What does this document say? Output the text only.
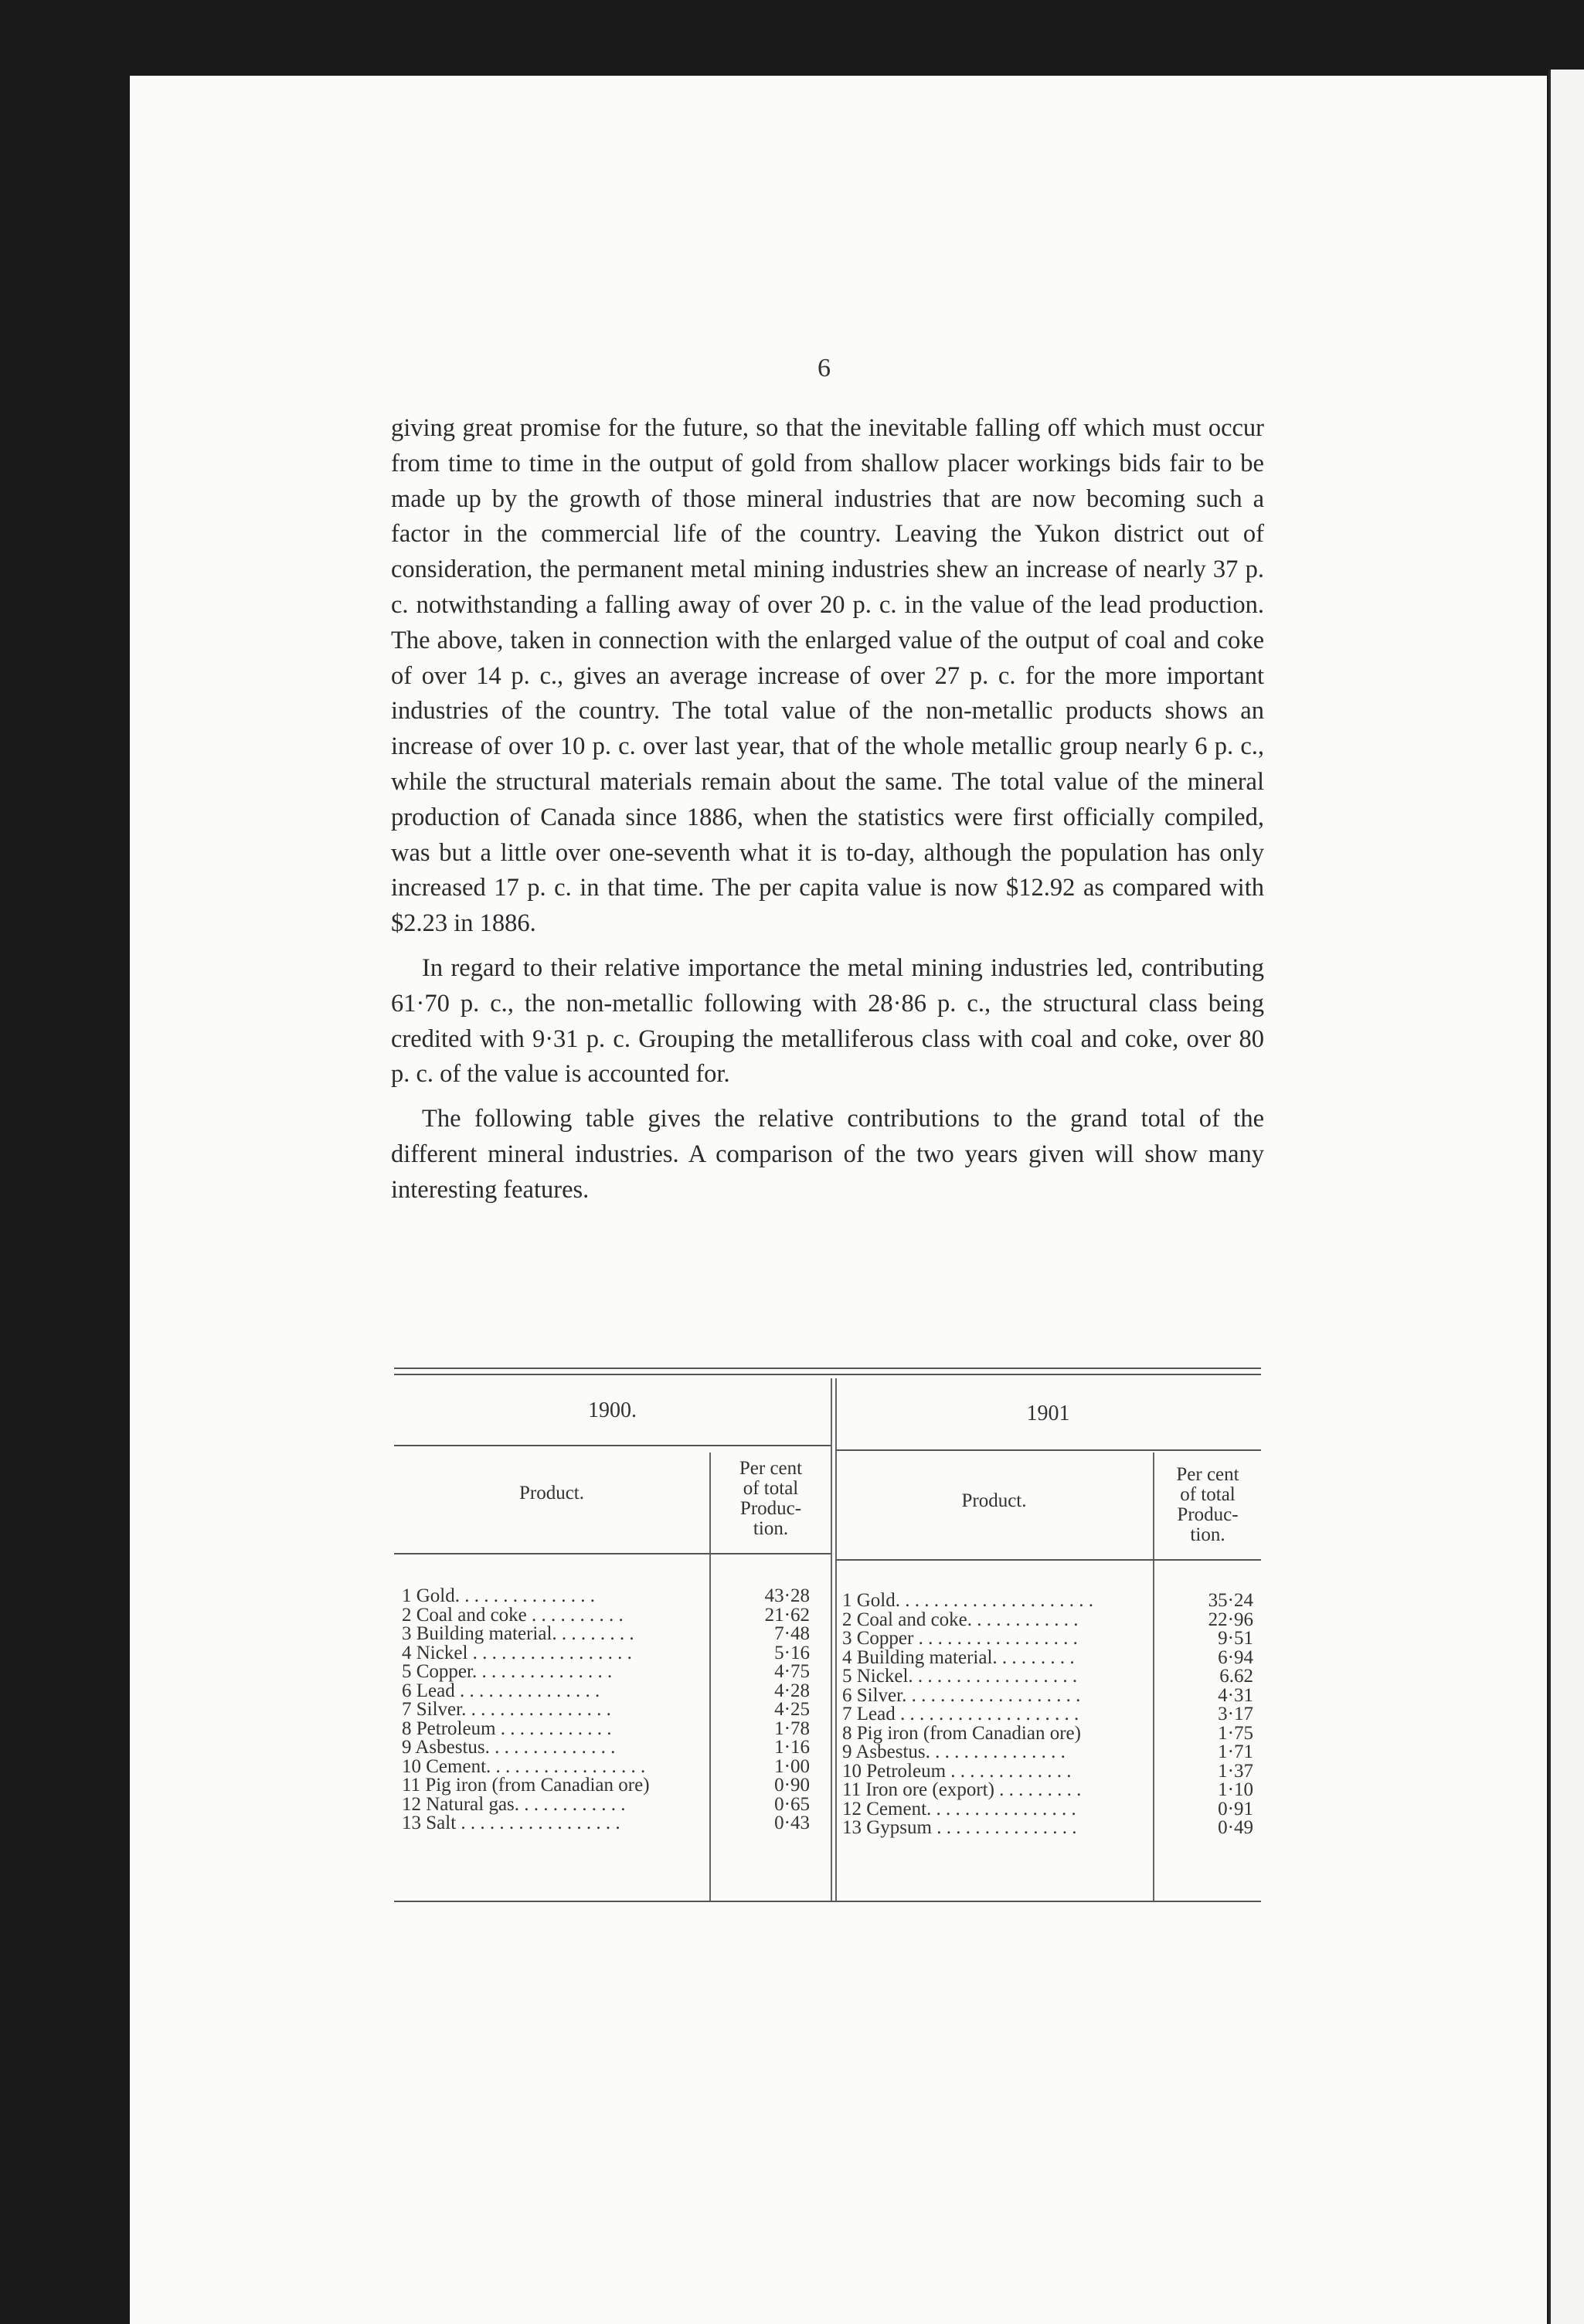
6

giving great promise for the future, so that the inevitable falling off which must occur from time to time in the output of gold from shallow placer workings bids fair to be made up by the growth of those mineral industries that are now becoming such a factor in the commercial life of the country. Leaving the Yukon district out of consideration, the permanent metal mining industries shew an increase of nearly 37 p. c. notwithstanding a falling away of over 20 p. c. in the value of the lead production. The above, taken in connection with the enlarged value of the output of coal and coke of over 14 p. c., gives an average increase of over 27 p. c. for the more important industries of the country. The total value of the non-metallic products shows an increase of over 10 p. c. over last year, that of the whole metallic group nearly 6 p. c., while the structural materials remain about the same. The total value of the mineral production of Canada since 1886, when the statistics were first officially compiled, was but a little over one-seventh what it is to-day, although the population has only increased 17 p. c. in that time. The per capita value is now $12.92 as compared with $2.23 in 1886.

In regard to their relative importance the metal mining industries led, contributing 61·70 p. c., the non-metallic following with 28·86 p. c., the structural class being credited with 9·31 p. c. Grouping the metalliferous class with coal and coke, over 80 p. c. of the value is accounted for.

The following table gives the relative contributions to the grand total of the different mineral industries. A comparison of the two years given will show many interesting features.

1900.	1901
Product.
Per cent
of total
Produc-
tion.
Product.
Per cent
of total
Produc-
tion.
1 Gold. . . . . . . . . . . . . . .
2 Coal and coke . . . . . . . . . .
3 Building material. . . . . . . . .
4 Nickel . . . . . . . . . . . . . . . . .
5 Copper. . . . . . . . . . . . . . .
6 Lead . . . . . . . . . . . . . . .
7 Silver. . . . . . . . . . . . . . . .
8 Petroleum . . . . . . . . . . . .
9 Asbestus. . . . . . . . . . . . . .
10 Cement. . . . . . . . . . . . . . . . .
11 Pig iron (from Canadian ore)
12 Natural gas. . . . . . . . . . . .
13 Salt . . . . . . . . . . . . . . . . .
43·28
21·62
7·48
5·16
4·75
4·28
4·25
1·78
1·16
1·00
0·90
0·65
0·43
1 Gold. . . . . . . . . . . . . . . . . . . . .
2 Coal and coke. . . . . . . . . . . .
3 Copper . . . . . . . . . . . . . . . . .
4 Building material. . . . . . . . .
5 Nickel. . . . . . . . . . . . . . . . . .
6 Silver. . . . . . . . . . . . . . . . . . .
7 Lead . . . . . . . . . . . . . . . . . . .
8 Pig iron (from Canadian ore)
9 Asbestus. . . . . . . . . . . . . . .
10 Petroleum . . . . . . . . . . . . .
11 Iron ore (export) . . . . . . . . .
12 Cement. . . . . . . . . . . . . . . .
13 Gypsum . . . . . . . . . . . . . . .
35·24
22·96
9·51
6·94
6.62
4·31
3·17
1·75
1·71
1·37
1·10
0·91
0·49
